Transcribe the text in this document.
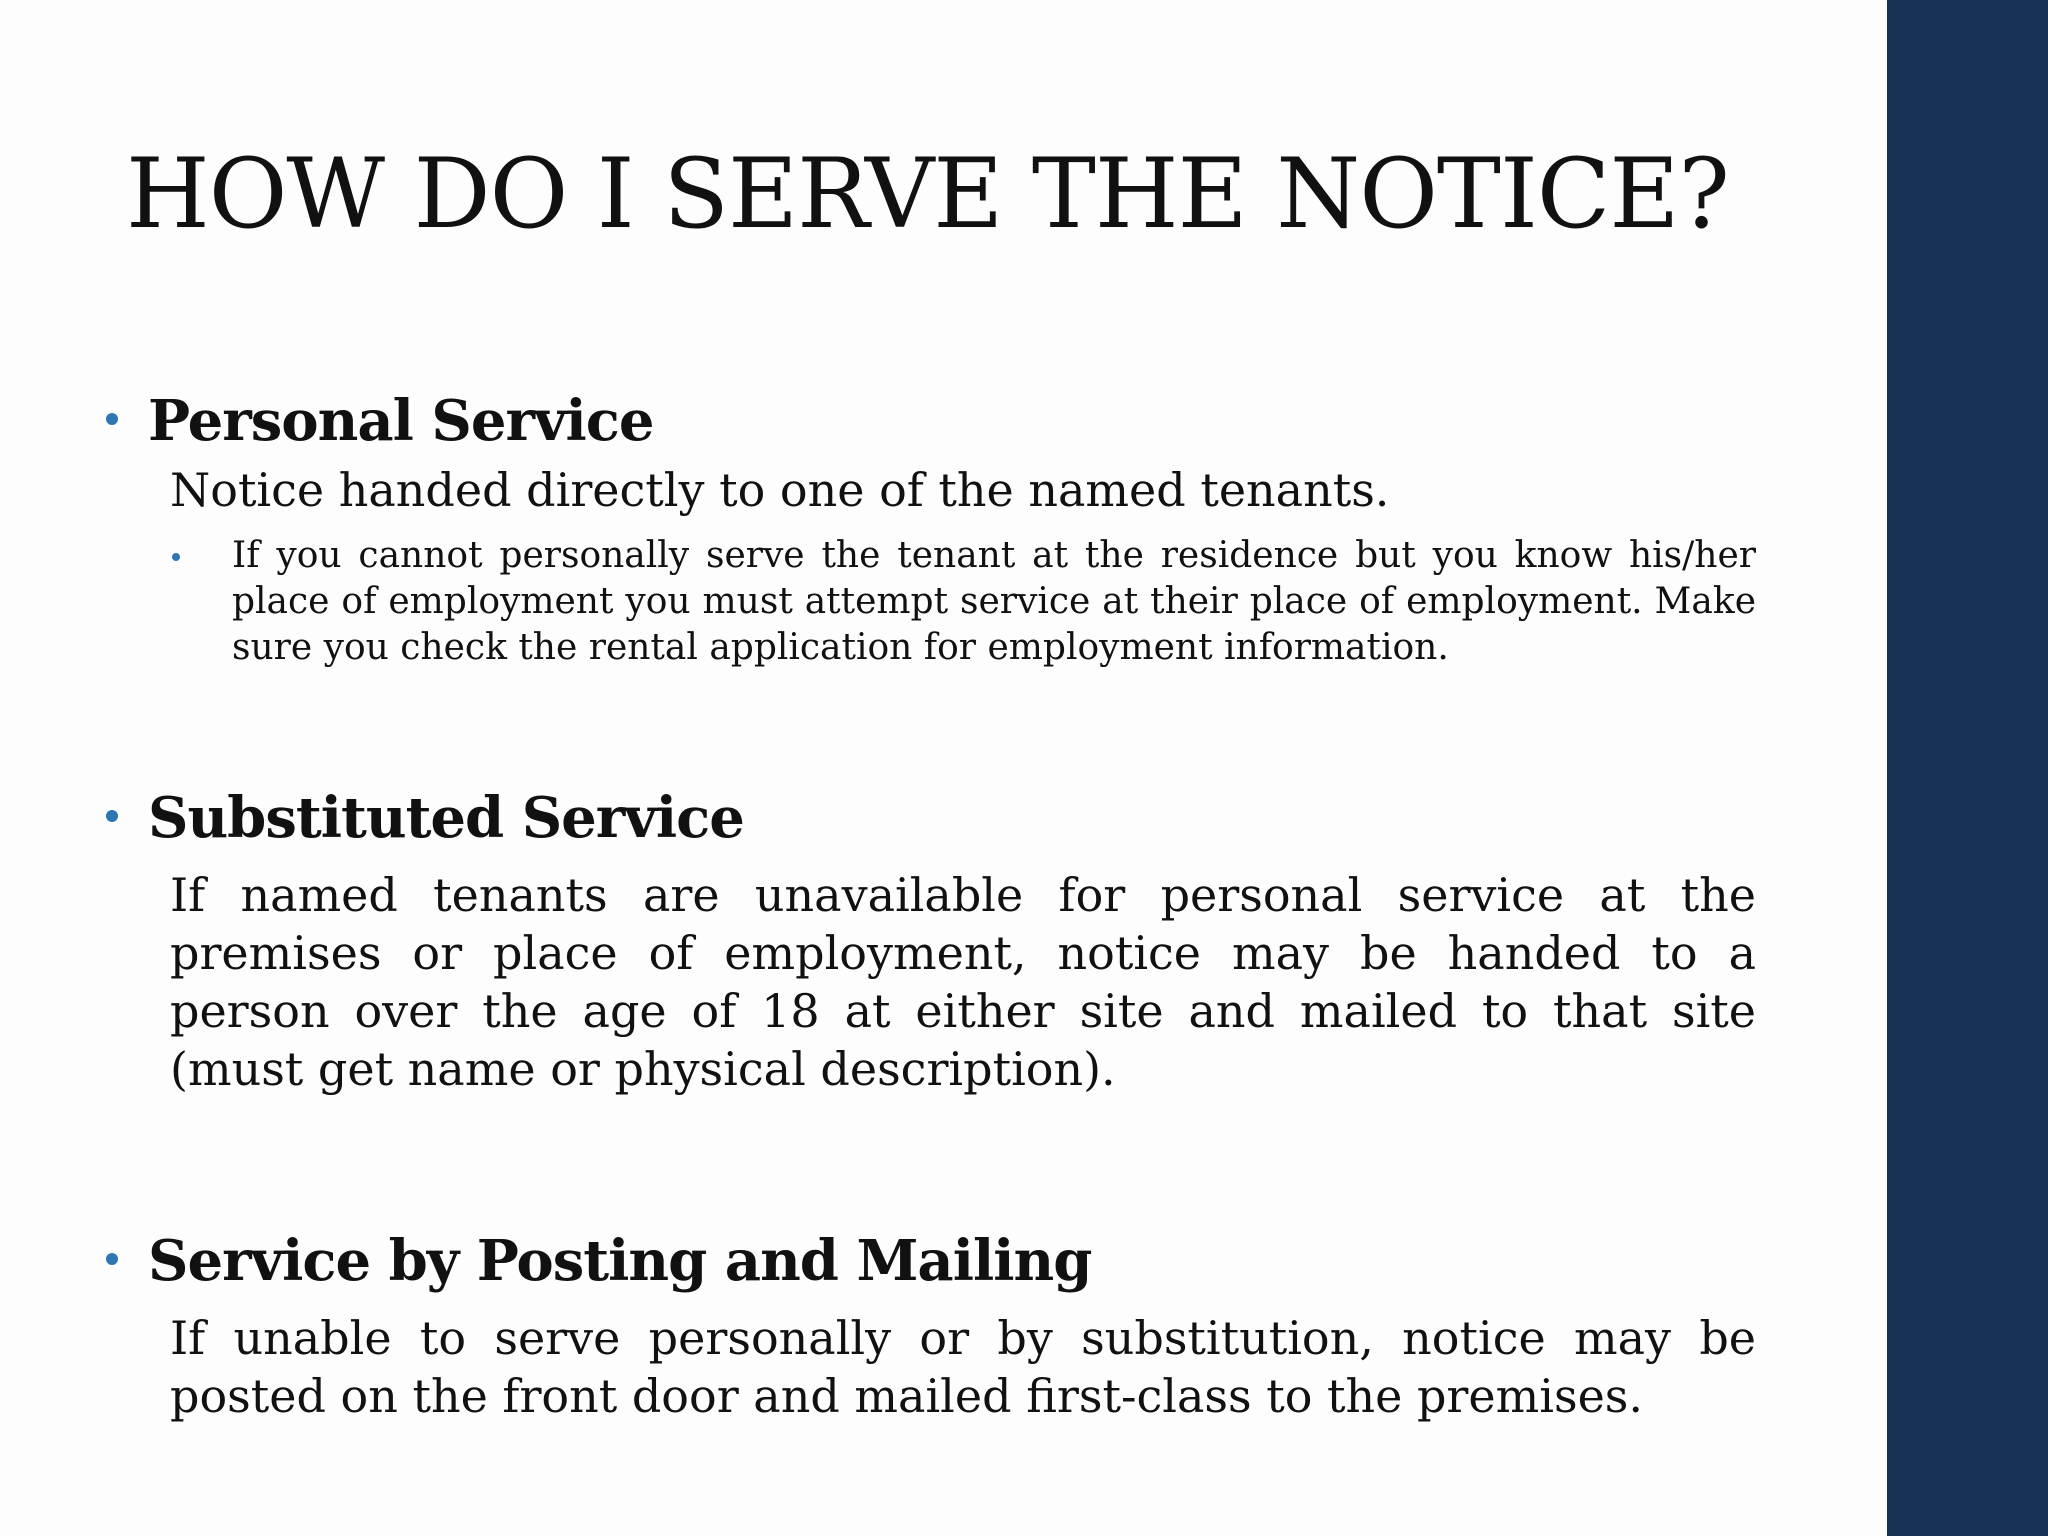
HOW DO I SERVE THE NOTICE?
Personal Service

Notice handed directly to one of the named tenants.

If you cannot personally serve the tenant at the residence but you know his/her place of employment you must attempt service at their place of employment. Make sure you check the rental application for employment information.

Substituted Service

If named tenants are unavailable for personal service at the premises or place of employment, notice may be handed to a person over the age of 18 at either site and mailed to that site (must get name or physical description).

Service by Posting and Mailing

If unable to serve personally or by substitution, notice may be posted on the front door and mailed first-class to the premises.
